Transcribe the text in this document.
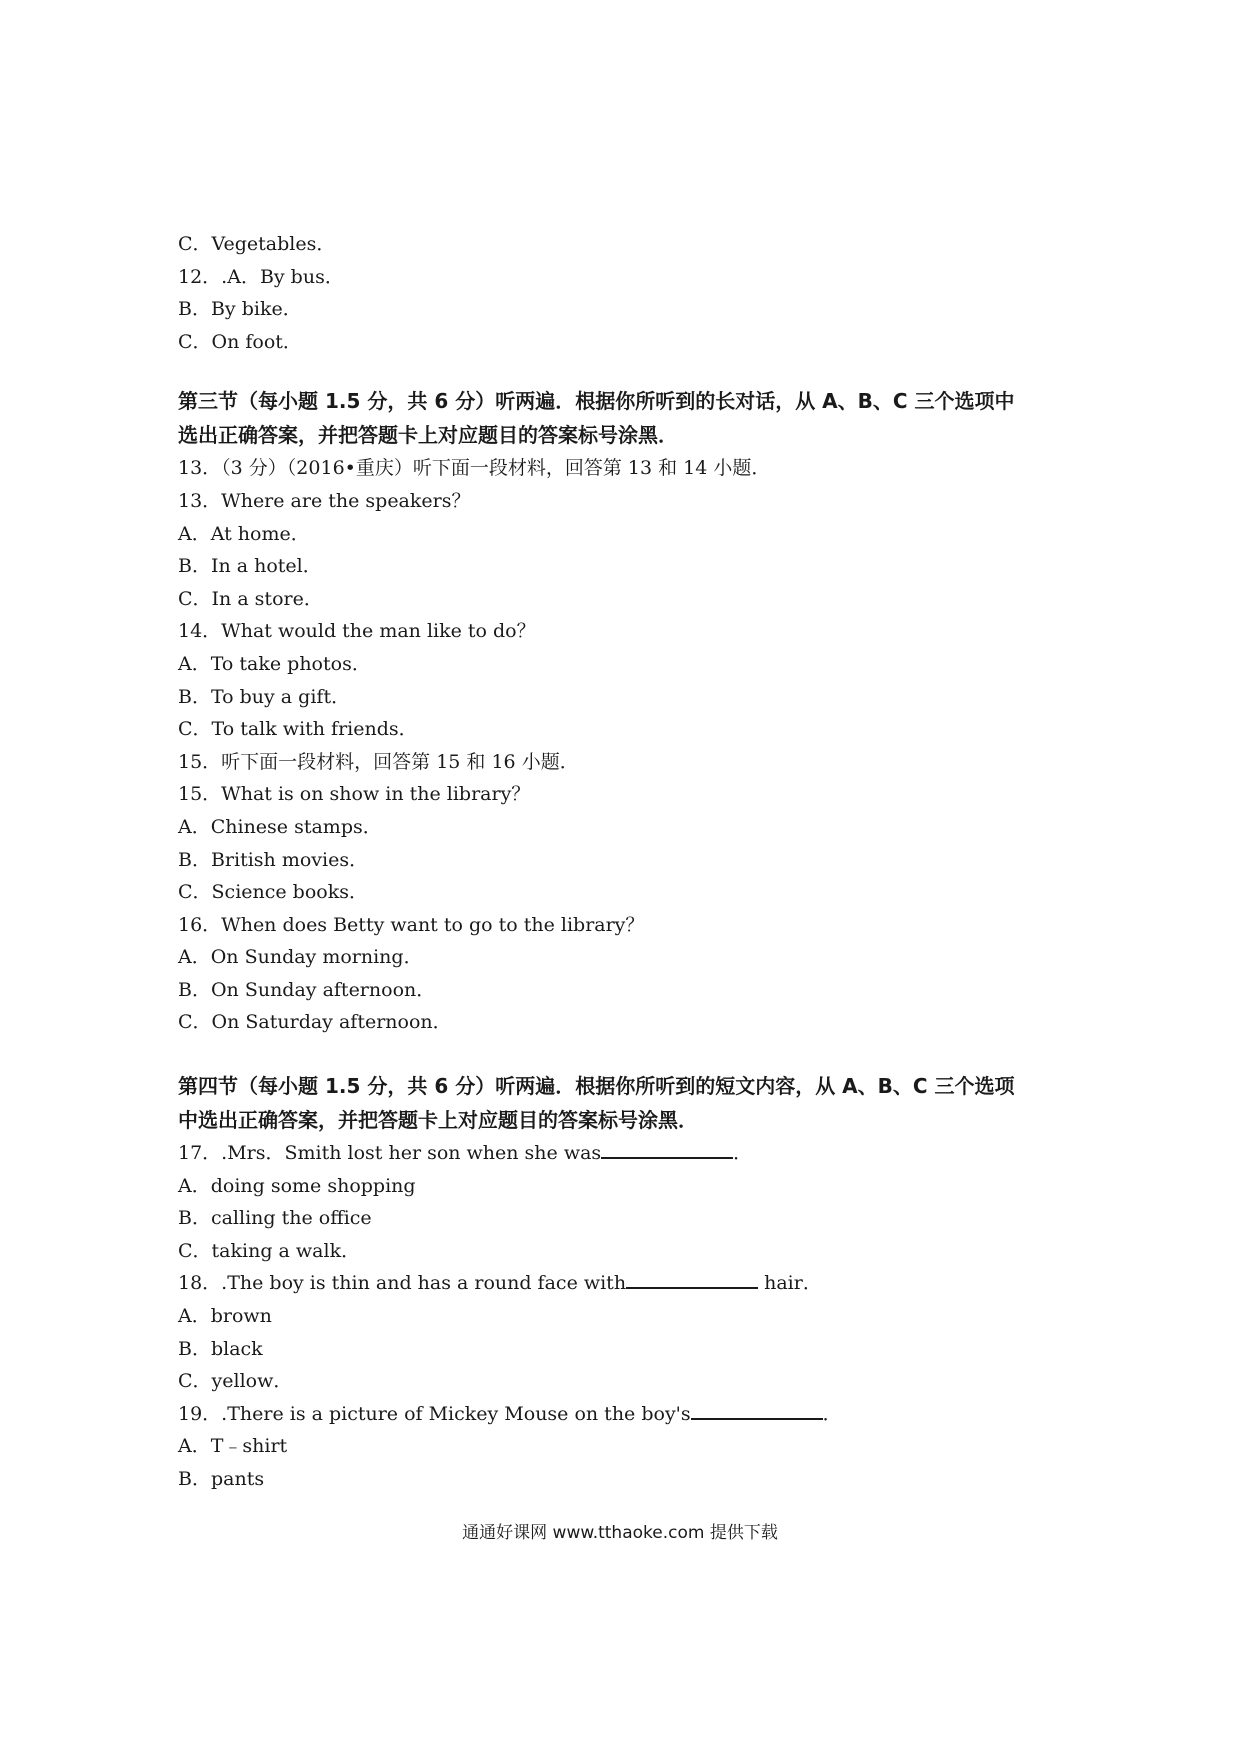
C．Vegetables．
12．.A．By bus．
B．By bike．
C．On foot．
第三节（每小题 1.5 分，共 6 分）听两遍．根据你所听到的长对话，从 A、B、C 三个选项中
选出正确答案，并把答题卡上对应题目的答案标号涂黑．
13．（3 分）（2016•重庆）听下面一段材料，回答第 13 和 14 小题．
13．Where are the speakers？
A．At home．
B．In a hotel．
C．In a store．
14．What would the man like to do？
A．To take photos．
B．To buy a gift．
C．To talk with friends．
15．听下面一段材料，回答第 15 和 16 小题．
15．What is on show in the library？
A．Chinese stamps．
B．British movies．
C．Science books．
16．When does Betty want to go to the library？
A．On Sunday morning．
B．On Sunday afternoon．
C．On Saturday afternoon．
第四节（每小题 1.5 分，共 6 分）听两遍．根据你所听到的短文内容，从 A、B、C 三个选项
中选出正确答案，并把答题卡上对应题目的答案标号涂黑．
17．.Mrs．Smith lost her son when she was	．
A．doing some shopping
B．calling the office
C．taking a walk．
18．.The boy is thin and has a round face with	hair．
A．brown
B．black
C．yellow．
19．.There is a picture of Mickey Mouse on the boy's	．
A．T﹣shirt
B．pants
通通好课网 www.tthaoke.com 提供下载
